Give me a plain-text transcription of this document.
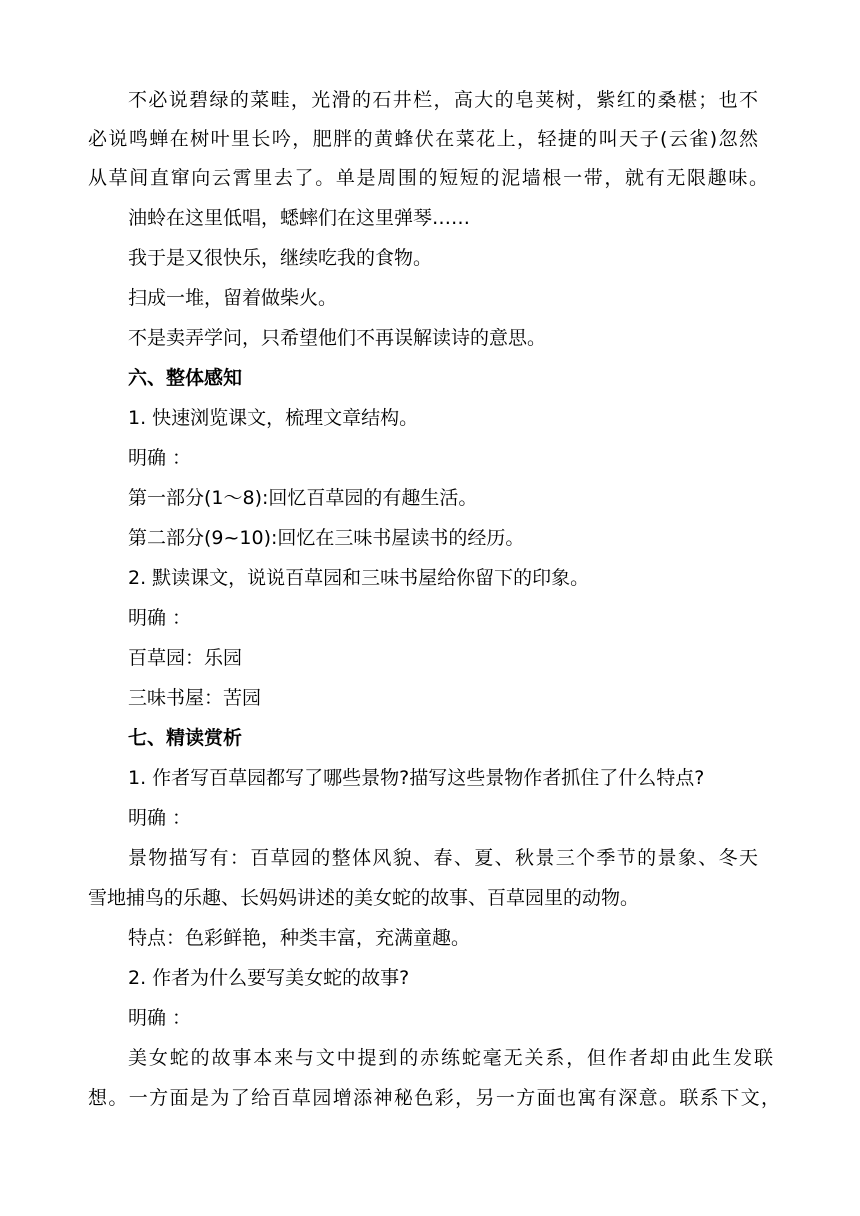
不必说碧绿的菜畦，光滑的石井栏，高大的皂荚树，紫红的桑椹；也不
必说鸣蝉在树叶里长吟，肥胖的黄蜂伏在菜花上，轻捷的叫天子(云雀)忽然
从草间直窜向云霄里去了。单是周围的短短的泥墙根一带，就有无限趣味。
油蛉在这里低唱，蟋蟀们在这里弹琴……
我于是又很快乐，继续吃我的食物。
扫成一堆，留着做柴火。
不是卖弄学问，只希望他们不再误解读诗的意思。
六、整体感知
1. 快速浏览课文，梳理文章结构。
明确 ：
第一部分(1～8):回忆百草园的有趣生活。
第二部分(9~10):回忆在三味书屋读书的经历。
2. 默读课文，说说百草园和三味书屋给你留下的印象。
明确 ：
百草园：乐园
三味书屋：苦园
七、精读赏析
1. 作者写百草园都写了哪些景物?描写这些景物作者抓住了什么特点?
明确 ：
景物描写有：百草园的整体风貌、春、夏、秋景三个季节的景象、冬天
雪地捕鸟的乐趣、长妈妈讲述的美女蛇的故事、百草园里的动物。
特点：色彩鲜艳，种类丰富，充满童趣。
2. 作者为什么要写美女蛇的故事?
明确 ：
美女蛇的故事本来与文中提到的赤练蛇毫无关系，但作者却由此生发联
想。一方面是为了给百草园增添神秘色彩，另一方面也寓有深意。联系下文，
